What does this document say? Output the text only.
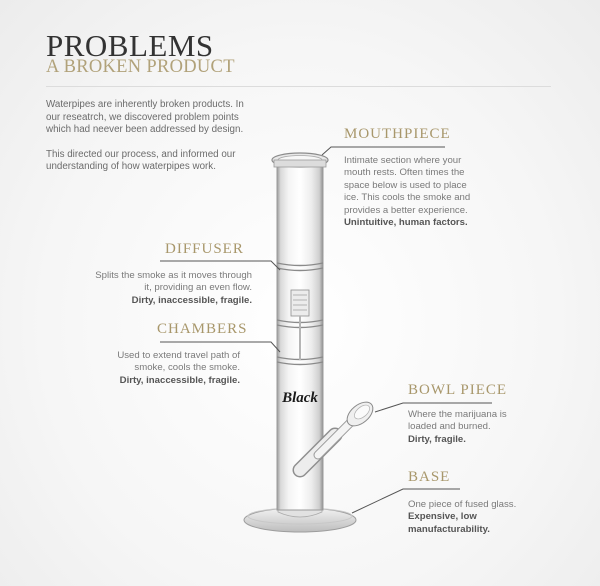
PROBLEMS
A BROKEN PRODUCT

Waterpipes are inherently broken products. In our reseatrch, we discovered problem points which had neever been addressed by design.

This directed our process, and informed our understanding of how waterpipes work.

Black
MOUTHPIECE
Intimate section where your mouth rests. Often times the space below is used to place ice. This cools the smoke and provides a better experience.
Unintuitive, human factors.
DIFFUSER
Splits the smoke as it moves through it, providing an even flow.
Dirty, inaccessible, fragile.
CHAMBERS
Used to extend travel path of smoke, cools the smoke.
Dirty, inaccessible, fragile.
BOWL PIECE
Where the marijuana is loaded and burned.
Dirty, fragile.
BASE
One piece of fused glass.
Expensive, low manufacturability.
